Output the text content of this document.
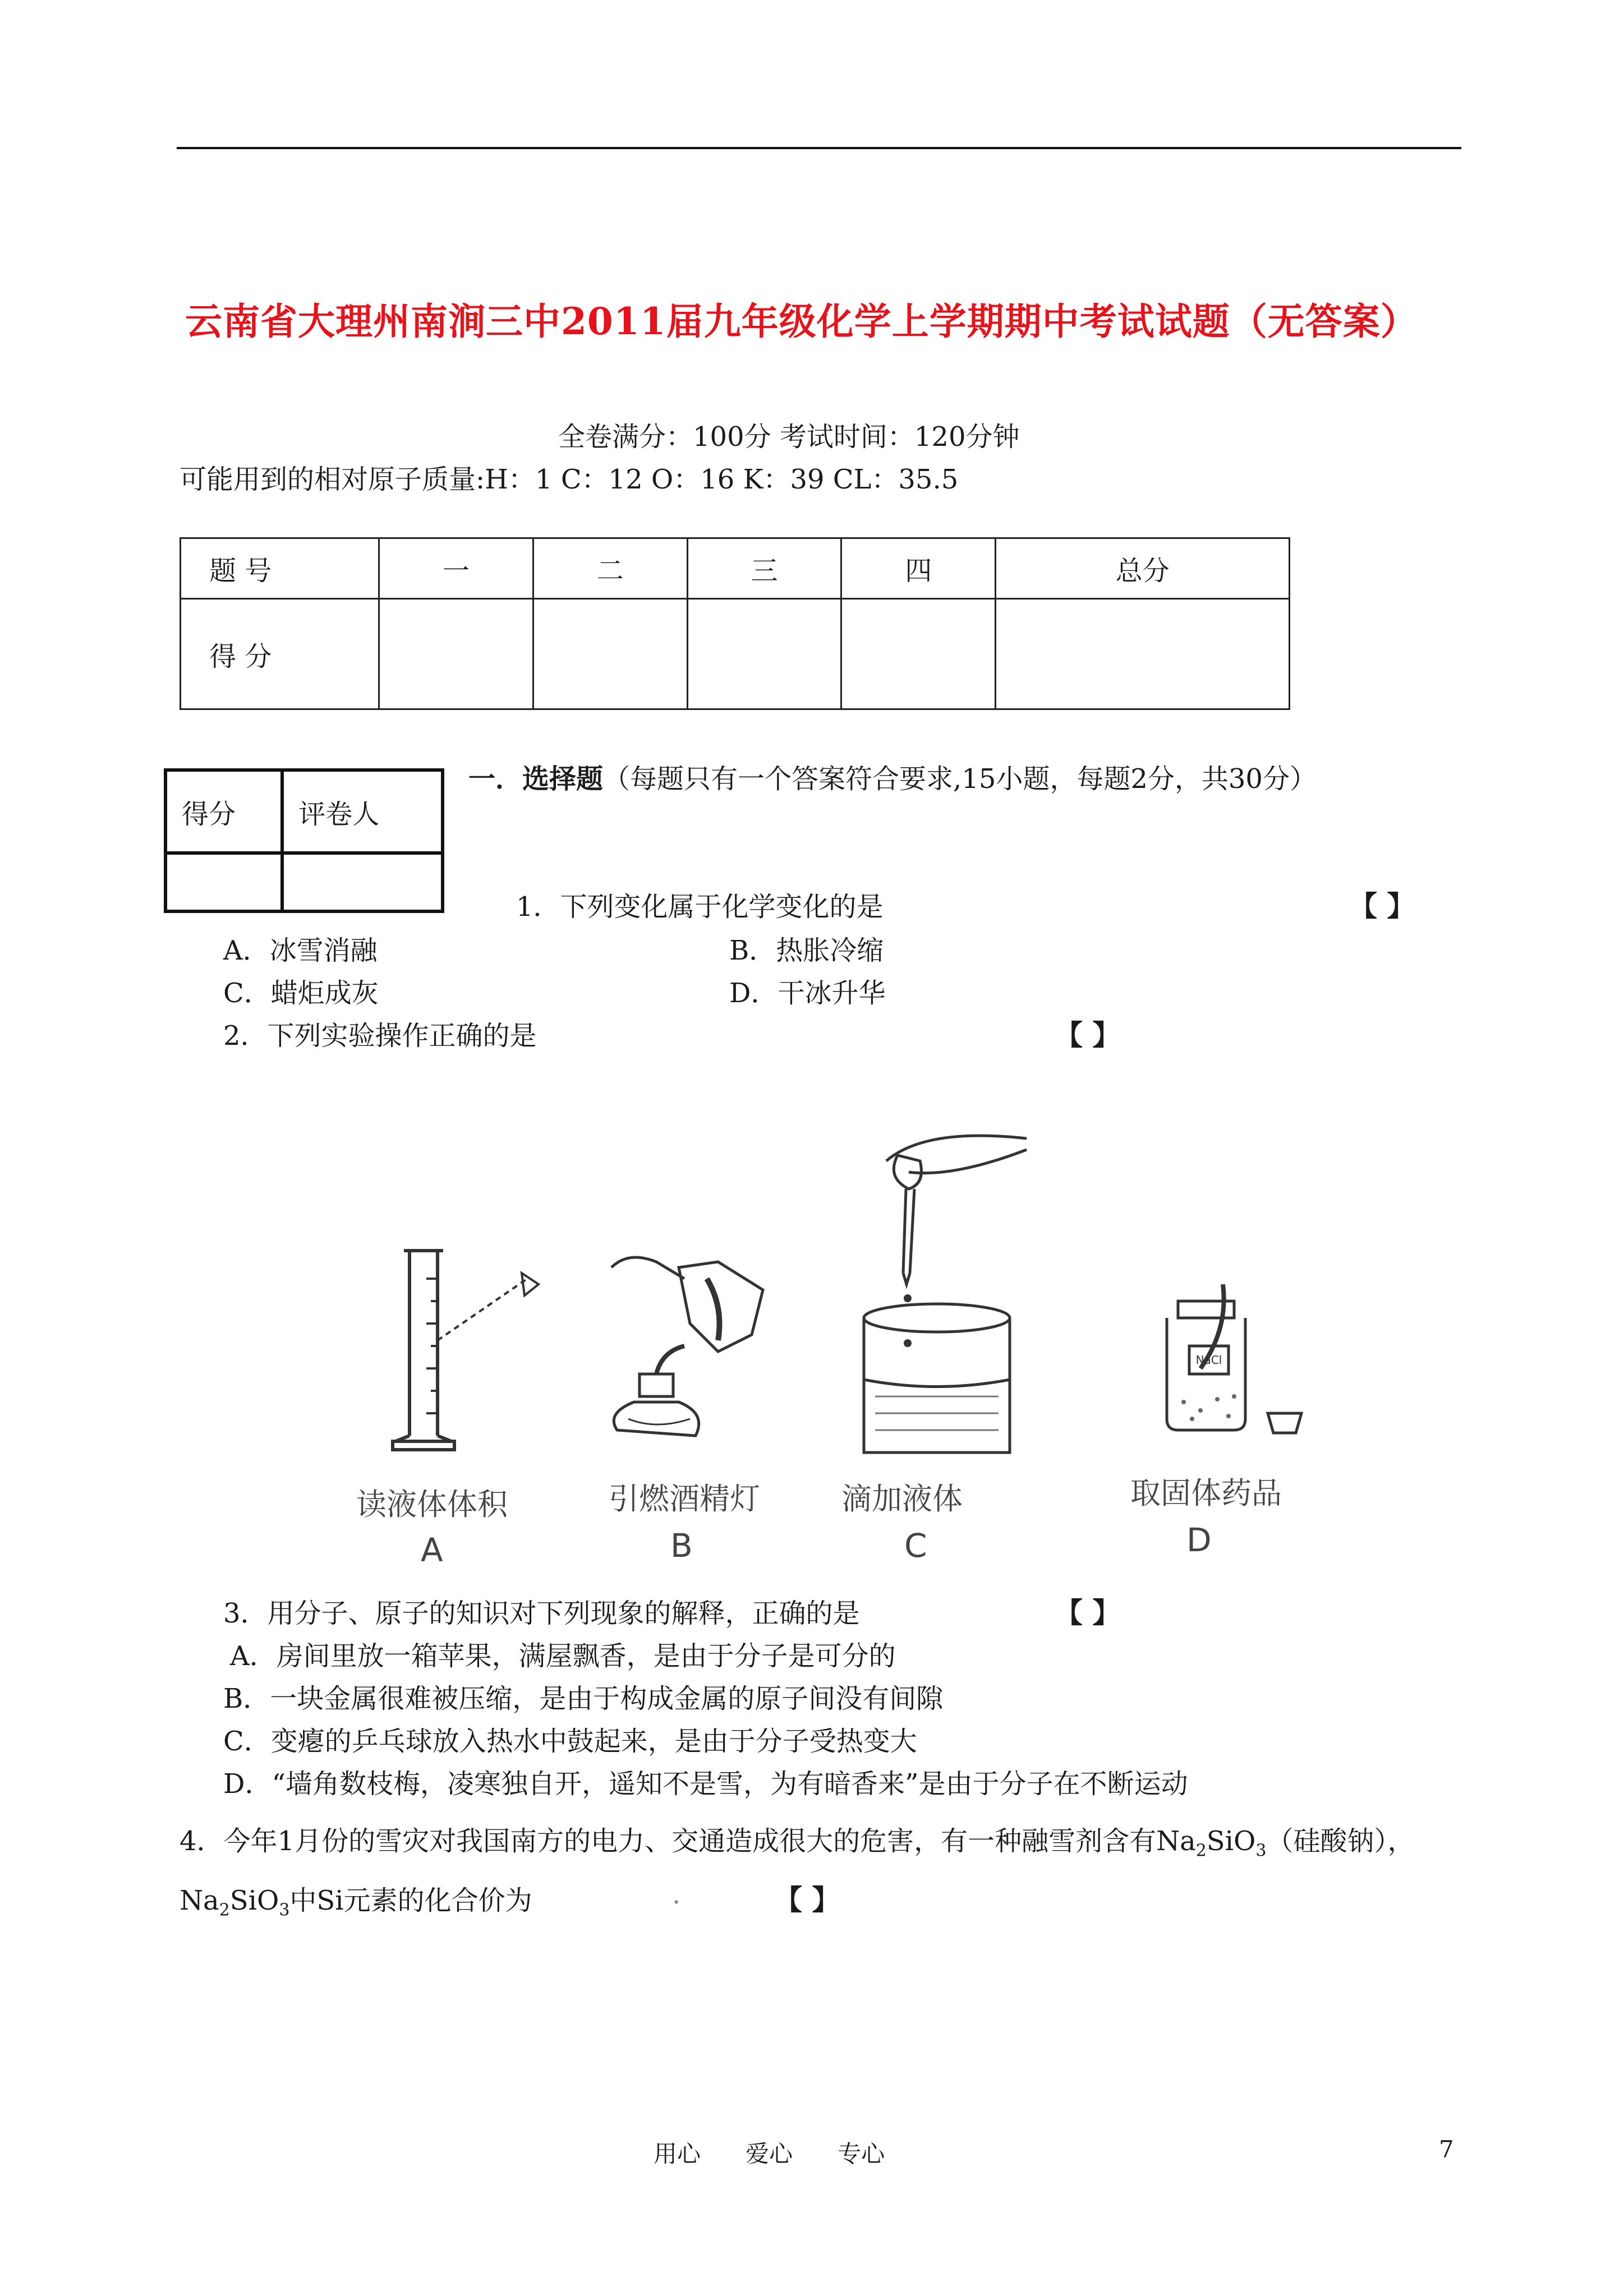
云南省大理州南涧三中2011届九年级化学上学期期中考试试题（无答案）
全卷满分：100分 考试时间：120分钟
可能用到的相对原子质量:H：1 C：12 O：16 K：39 CL：35.5
题 号	一	二	三	四	总分
得 分					
得分	评卷人

一．选择题（每题只有一个答案符合要求,15小题，每题2分，共30分）
1．下列变化属于化学变化的是	【 】
A．冰雪消融	B．热胀冷缩
C．蜡炬成灰	D．干冰升华
2．下列实验操作正确的是	【 】
读液体体积
A
引燃酒精灯
B
滴加液体
C
NaCl
取固体药品
D
3．用分子、原子的知识对下列现象的解释，正确的是	【 】
A．房间里放一箱苹果，满屋飘香，是由于分子是可分的
B．一块金属很难被压缩，是由于构成金属的原子间没有间隙
C．变瘪的乒乓球放入热水中鼓起来，是由于分子受热变大
D．“墙角数枝梅，凌寒独自开，遥知不是雪，为有暗香来”是由于分子在不断运动
4．今年1月份的雪灾对我国南方的电力、交通造成很大的危害，有一种融雪剂含有$Na_2SiO_3$（硅酸钠），
$Na_2SiO_3$中Si元素的化合价为	.	【 】
用心      爱心      专心	7
